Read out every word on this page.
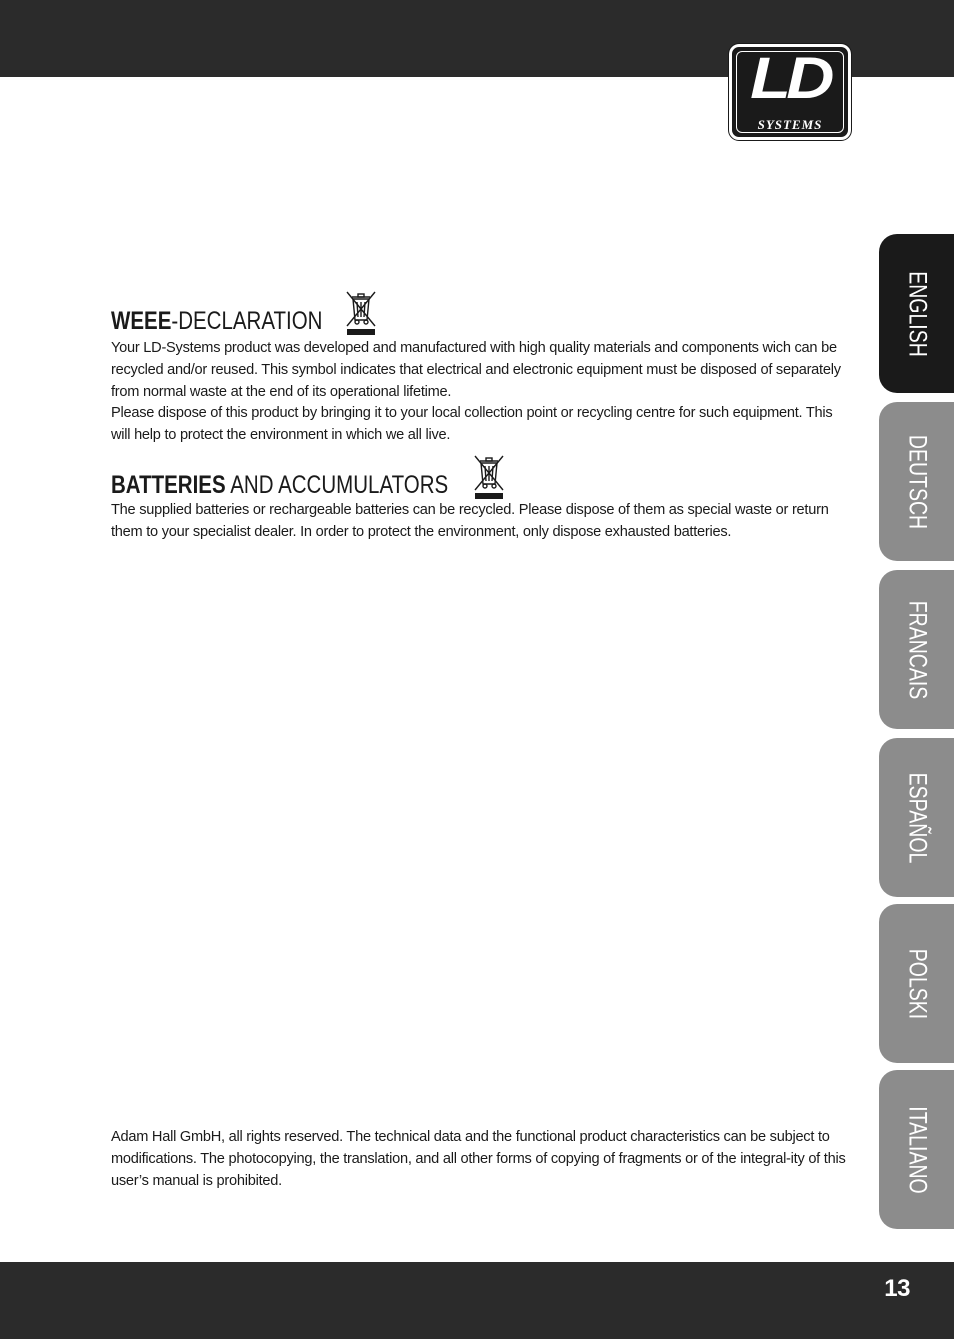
LD
SYSTEMS
ENGLISH
DEUTSCH
FRANCAIS
ESPAÑOL
POLSKI
ITALIANO
WEEE-DECLARATION

Your LD-Systems product was developed and manufactured with high quality materials and components wich can be recycled and/or reused. This symbol indicates that electrical and electronic equipment must be disposed of separately from normal waste at the end of its operational lifetime.

Please dispose of this product by bringing it to your local collection point or recycling centre for such equipment. This will help to protect the environment in which we all live.

BATTERIES AND ACCUMULATORS

The supplied batteries or rechargeable batteries can be recycled. Please dispose of them as special waste or return them to your specialist dealer. In order to protect the environment, only dispose exhausted batteries.

Adam Hall GmbH, all rights reserved. The technical data and the functional product characteristics can be subject to modifications. The photocopying, the translation, and all other forms of copying of fragments or of the integral-ity of this user’s manual is prohibited.

13
